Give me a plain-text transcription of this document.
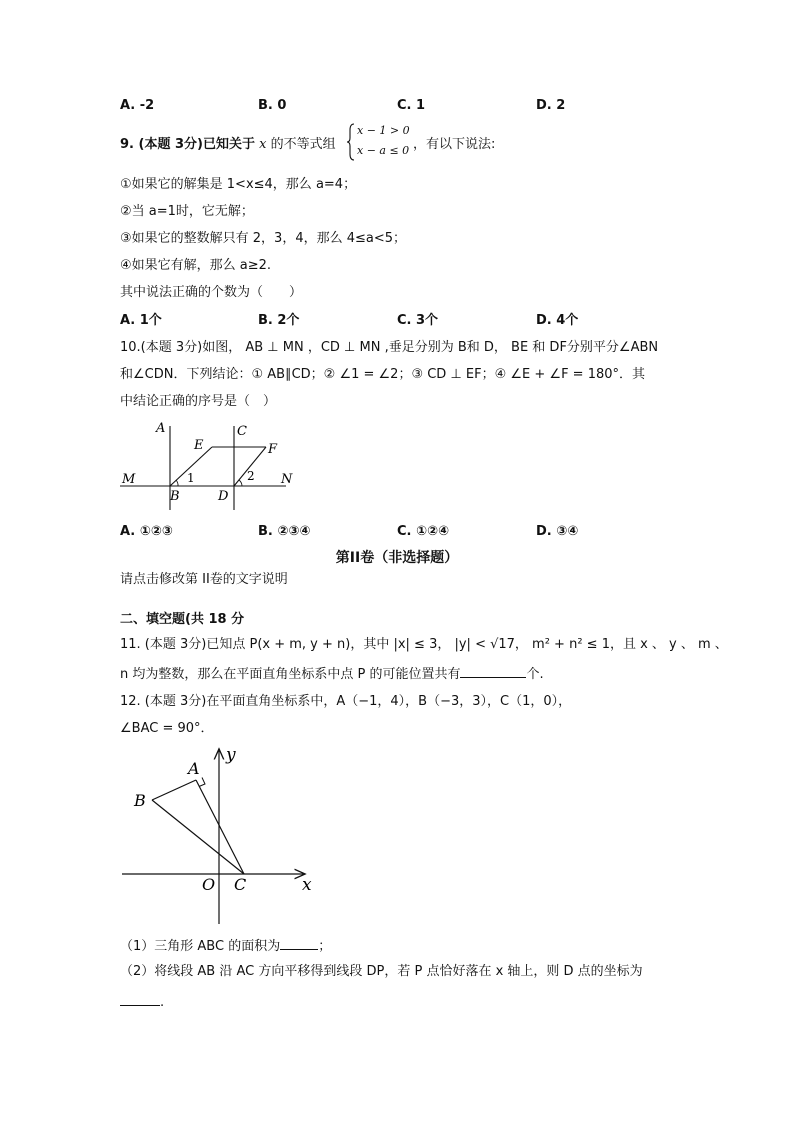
A. -2	B. 0	C. 1	D. 2
9. (本题 3分)已知关于 x 的不等式组
x − 1 > 0
x − a ≤ 0 ，有以下说法:
①如果它的解集是 1<x≤4，那么 a=4；
②当 a=1时，它无解；
③如果它的整数解只有 2，3，4，那么 4≤a<5；
④如果它有解，那么 a≥2.
其中说法正确的个数为（　　）
A. 1个	B. 2个	C. 3个	D. 4个
10.(本题 3分)如图， AB ⊥ MN ，CD ⊥ MN ,垂足分别为 B和 D， BE 和 DF分别平分∠ABN
和∠CDN．下列结论：① AB∥CD；② ∠1 = ∠2；③ CD ⊥ EF；④ ∠E + ∠F = 180°．其
中结论正确的序号是（　）
A	C
E	F
M	N
B	D
1	2
A. ①②③	B. ②③④	C. ①②④	D. ③④
第II卷（非选择题）
请点击修改第 II卷的文字说明
二、填空题(共 18 分
11. (本题 3分)已知点 P(x + m, y + n)，其中 |x| ≤ 3， |y| < √17， m² + n² ≤ 1，且 x 、 y 、 m 、
n 均为整数，那么在平面直角坐标系中点 P 的可能位置共有	个.
12. (本题 3分)在平面直角坐标系中，A（−1，4），B（−3，3），C（1，0），
∠BAC = 90°．
y
x
A
B
O C
（1）三角形 ABC 的面积为	；
（2）将线段 AB 沿 AC 方向平移得到线段 DP，若 P 点恰好落在 x 轴上，则 D 点的坐标为
.
